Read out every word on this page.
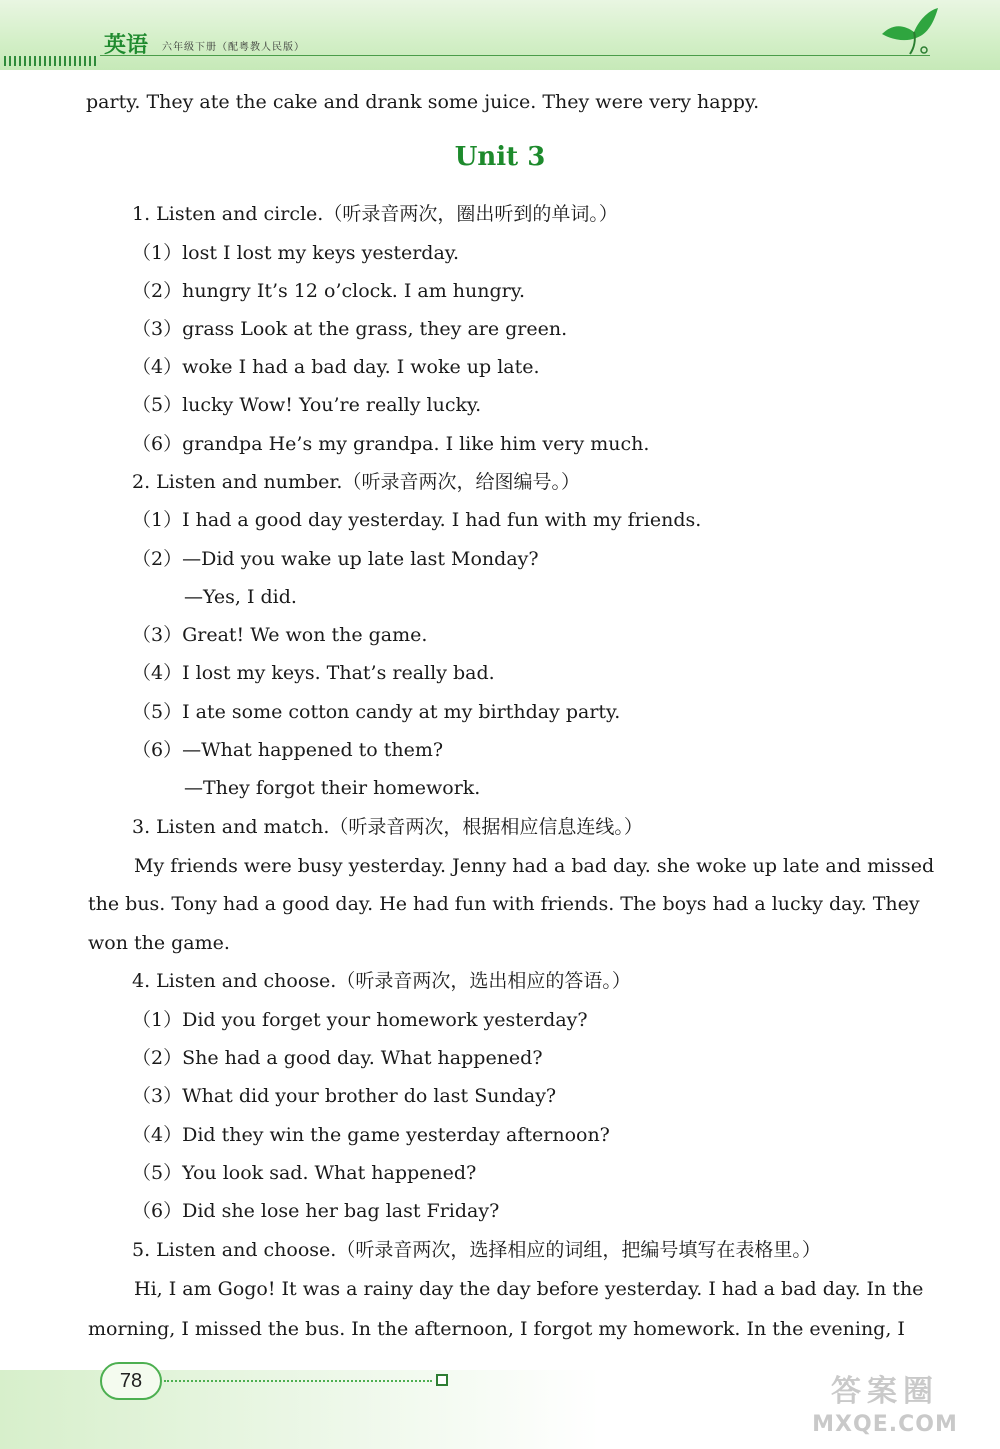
英语 六年级下册（配粤教人民版）
party. They ate the cake and drank some juice. They were very happy.
Unit 3
1. Listen and circle.（听录音两次，圈出听到的单词。）
（1）lost I lost my keys yesterday.
（2）hungry It’s 12 o’clock. I am hungry.
（3）grass Look at the grass, they are green.
（4）woke I had a bad day. I woke up late.
（5）lucky Wow! You’re really lucky.
（6）grandpa He’s my grandpa. I like him very much.
2. Listen and number.（听录音两次，给图编号。）
（1）I had a good day yesterday. I had fun with my friends.
（2）—Did you wake up late last Monday?
—Yes, I did.
（3）Great! We won the game.
（4）I lost my keys. That’s really bad.
（5）I ate some cotton candy at my birthday party.
（6）—What happened to them?
—They forgot their homework.
3. Listen and match.（听录音两次，根据相应信息连线。）
My friends were busy yesterday. Jenny had a bad day. she woke up late and missed
the bus. Tony had a good day. He had fun with friends. The boys had a lucky day. They
won the game.
4. Listen and choose.（听录音两次，选出相应的答语。）
（1）Did you forget your homework yesterday?
（2）She had a good day. What happened?
（3）What did your brother do last Sunday?
（4）Did they win the game yesterday afternoon?
（5）You look sad. What happened?
（6）Did she lose her bag last Friday?
5. Listen and choose.（听录音两次，选择相应的词组，把编号填写在表格里。）
Hi, I am Gogo! It was a rainy day the day before yesterday. I had a bad day. In the
morning, I missed the bus. In the afternoon, I forgot my homework. In the evening, I
78	答案圈
MXQE.COM
